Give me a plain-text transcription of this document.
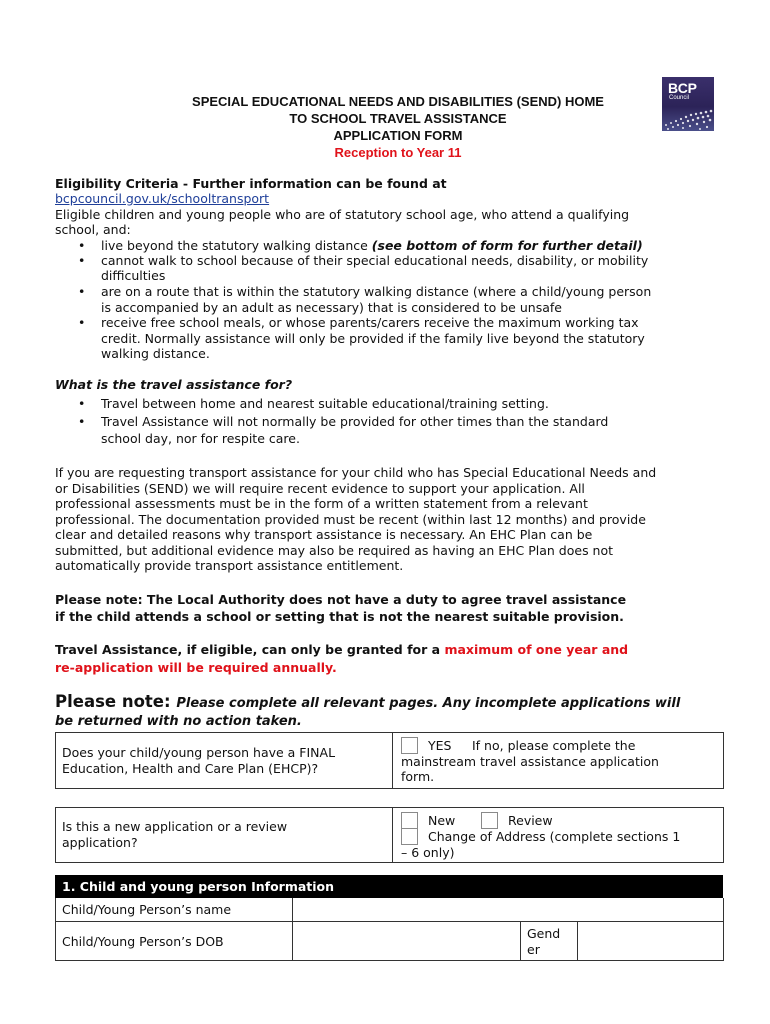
BCP
Council
SPECIAL EDUCATIONAL NEEDS AND DISABILITIES (SEND) HOME
TO SCHOOL TRAVEL ASSISTANCE
APPLICATION FORM
Reception to Year 11
Eligibility Criteria - Further information can be found at
bcpcouncil.gov.uk/schooltransport
Eligible children and young people who are of statutory school age, who attend a qualifying
school, and:
• live beyond the statutory walking distance (see bottom of form for further detail)
• cannot walk to school because of their special educational needs, disability, or mobility
difficulties
• are on a route that is within the statutory walking distance (where a child/young person
is accompanied by an adult as necessary) that is considered to be unsafe
• receive free school meals, or whose parents/carers receive the maximum working tax
credit. Normally assistance will only be provided if the family live beyond the statutory
walking distance.
What is the travel assistance for?
• Travel between home and nearest suitable educational/training setting.
• Travel Assistance will not normally be provided for other times than the standard
school day, nor for respite care.
If you are requesting transport assistance for your child who has Special Educational Needs and
or Disabilities (SEND) we will require recent evidence to support your application. All
professional assessments must be in the form of a written statement from a relevant
professional. The documentation provided must be recent (within last 12 months) and provide
clear and detailed reasons why transport assistance is necessary. An EHC Plan can be
submitted, but additional evidence may also be required as having an EHC Plan does not
automatically provide transport assistance entitlement.
Please note: The Local Authority does not have a duty to agree travel assistance
if the child attends a school or setting that is not the nearest suitable provision.
Travel Assistance, if eligible, can only be granted for a maximum of one year and
re-application will be required annually.
Please note: Please complete all relevant pages. Any incomplete applications will
be returned with no action taken.
Does your child/young person have a FINAL
Education, Health and Care Plan (EHCP)?
YES If no, please complete the
mainstream travel assistance application
form.
Is this a new application or a review
application?
New	Review
Change of Address (complete sections 1
– 6 only)
1. Child and young person Information
Child/Young Person’s name
Child/Young Person’s DOB
Gend
er
